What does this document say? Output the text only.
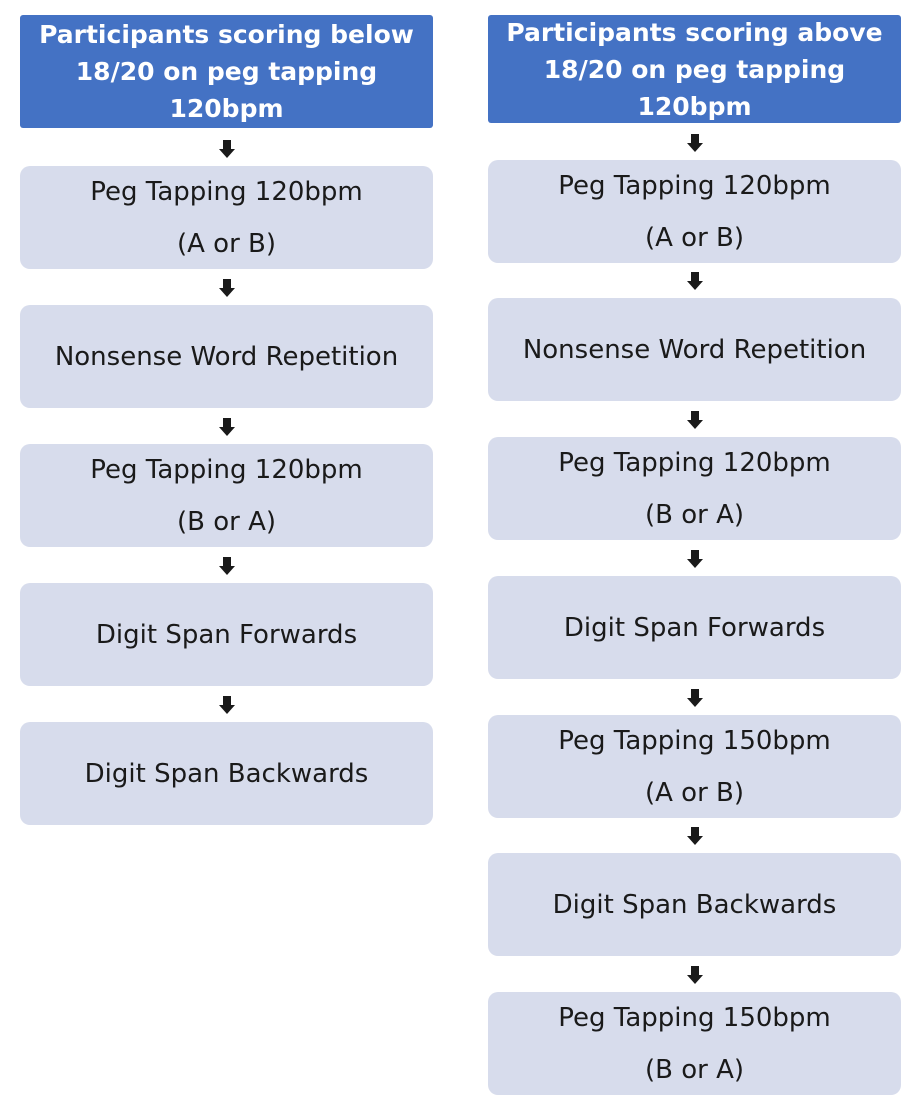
Participants scoring below
18/20 on peg tapping
120bpm
Peg Tapping 120bpm
(A or B)
Nonsense Word Repetition
Peg Tapping 120bpm
(B or A)
Digit Span Forwards
Digit Span Backwards
Participants scoring above
18/20 on peg tapping
120bpm
Peg Tapping 120bpm
(A or B)
Nonsense Word Repetition
Peg Tapping 120bpm
(B or A)
Digit Span Forwards
Peg Tapping 150bpm
(A or B)
Digit Span Backwards
Peg Tapping 150bpm
(B or A)
